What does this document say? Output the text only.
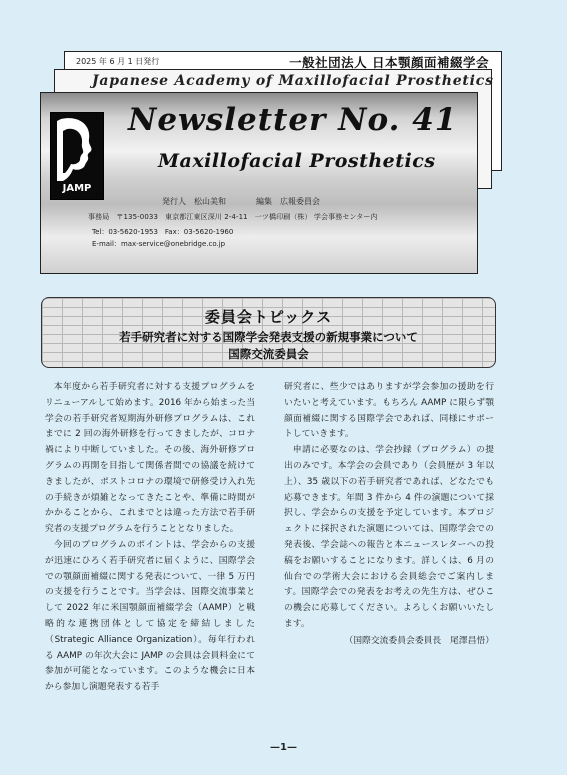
2025 年 6 月 1 日発行	一般社団法人 日本顎顔面補綴学会
Japanese Academy of Maxillofacial Prosthetics
JAMP
Newsletter No. 41
Maxillofacial Prosthetics
発行人　松山美和	編集　広報委員会
事務局　〒135-0033　東京都江東区深川 2-4-11　一ツ橋印刷（株） 学会事務センター内
Tel：03-5620-1953　Fax：03-5620-1960
E-mail：max-service@onebridge.co.jp
委員会トピックス
若手研究者に対する国際学会発表支援の新規事業について
国際交流委員会

本年度から若手研究者に対する支援プログラムをリニューアルして始めます。2016 年から始まった当学会の若手研究者短期海外研修プログラムは、これまでに 2 回の海外研修を行ってきましたが、コロナ禍により中断していました。その後、海外研修プログラムの再開を目指して関係者間での協議を続けてきましたが、ポストコロナの環境で研修受け入れ先の手続きが煩雑となってきたことや、準備に時間がかかることから、これまでとは違った方法で若手研究者の支援プログラムを行うこととなりました。

今回のプログラムのポイントは、学会からの支援が迅速にひろく若手研究者に届くように、国際学会での顎顔面補綴に関する発表について、一律 5 万円の支援を行うことです。当学会は、国際交流事業として 2022 年に米国顎顔面補綴学会（AAMP）と戦略的な連携団体として協定を締結しました（Strategic Alliance Organization）。毎年行われる AAMP の年次大会に JAMP の会員は会員料金にて参加が可能となっています。このような機会に日本から参加し演題発表する若手

研究者に、些少ではありますが学会参加の援助を行いたいと考えています。もちろん AAMP に限らず顎顔面補綴に関する国際学会であれば、同様にサポートしていきます。

申請に必要なのは、学会抄録（プログラム）の提出のみです。本学会の会員であり（会員歴が 3 年以上）、35 歳以下の若手研究者であれば、どなたでも応募できます。年間 3 件から 4 件の演題について採択し、学会からの支援を予定しています。本プロジェクトに採択された演題については、国際学会での発表後、学会誌への報告と本ニュースレターへの投稿をお願いすることになります。詳しくは、6 月の仙台での学術大会における会員総会でご案内します。国際学会での発表をお考えの先生方は、ぜひこの機会に応募してください。よろしくお願いいたします。

（国際交流委員会委員長　尾澤昌悟）
—1—
